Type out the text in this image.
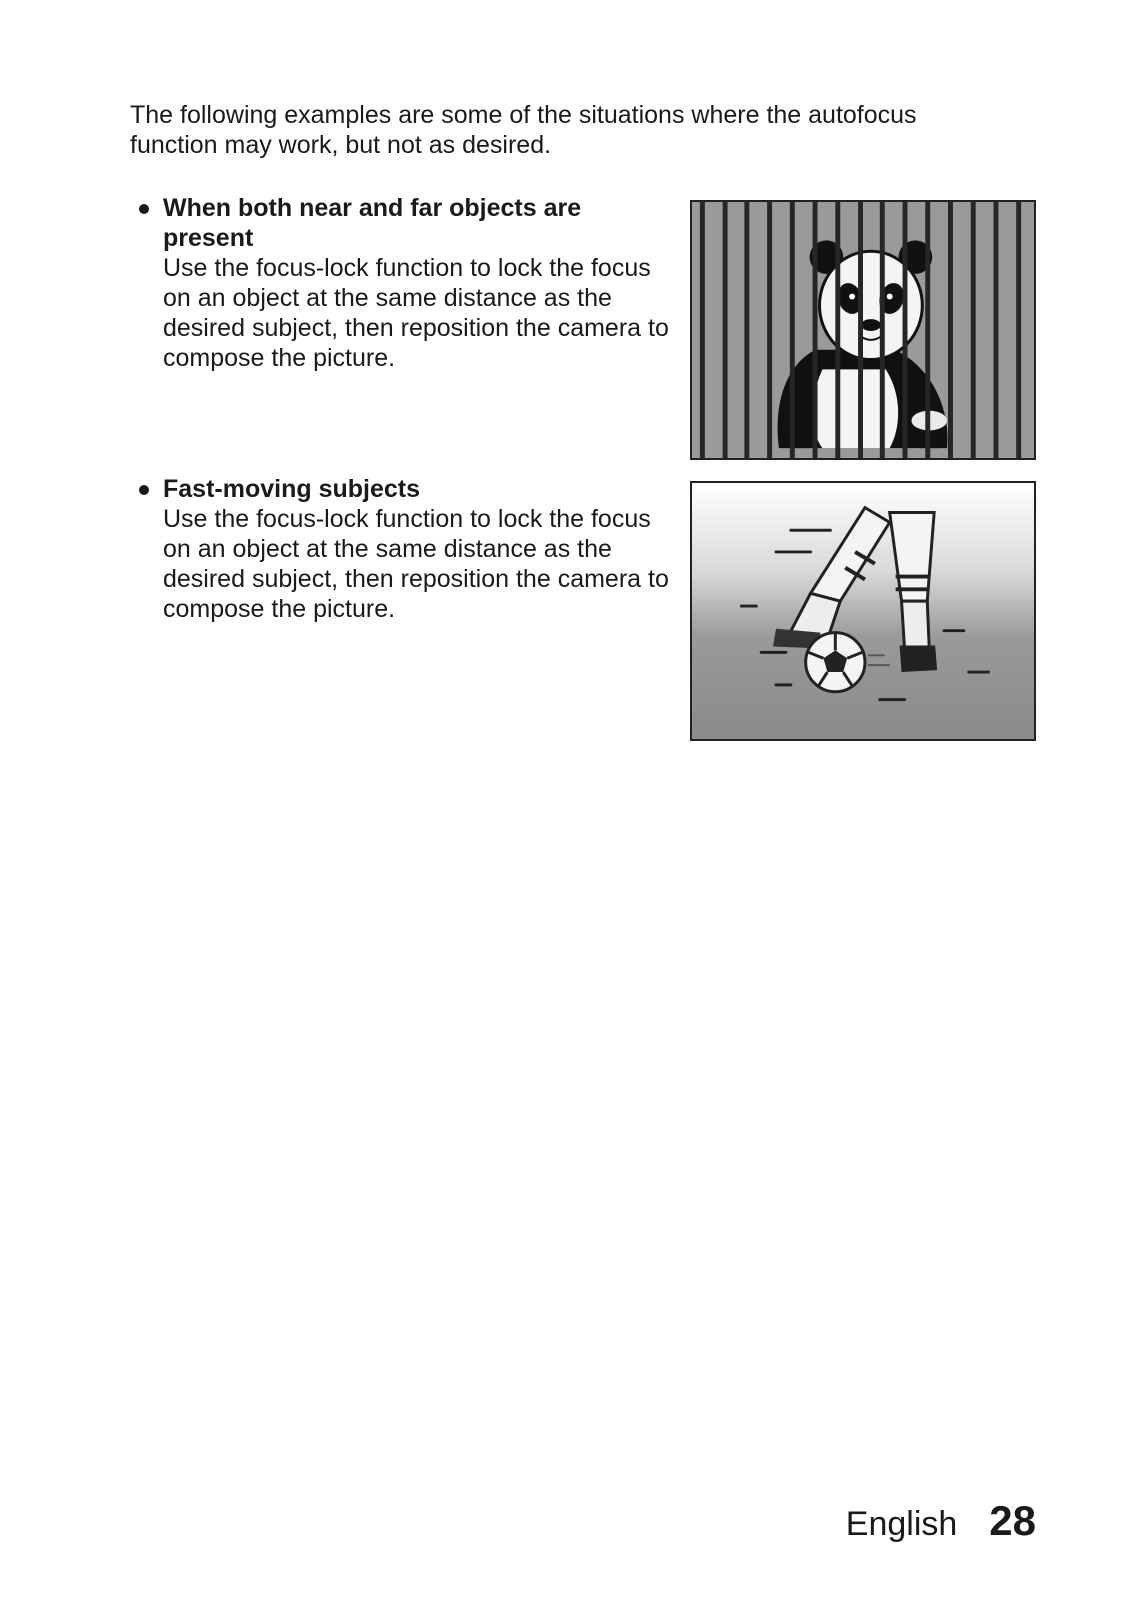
The following examples are some of the situations where the autofocus function may work, but not as desired.

When both near and far objects are
present

Use the focus-lock function to lock the focus on an object at the same distance as the desired subject, then reposition the camera to compose the picture.

Fast-moving subjects

Use the focus-lock function to lock the focus on an object at the same distance as the desired subject, then reposition the camera to compose the picture.

English 28
